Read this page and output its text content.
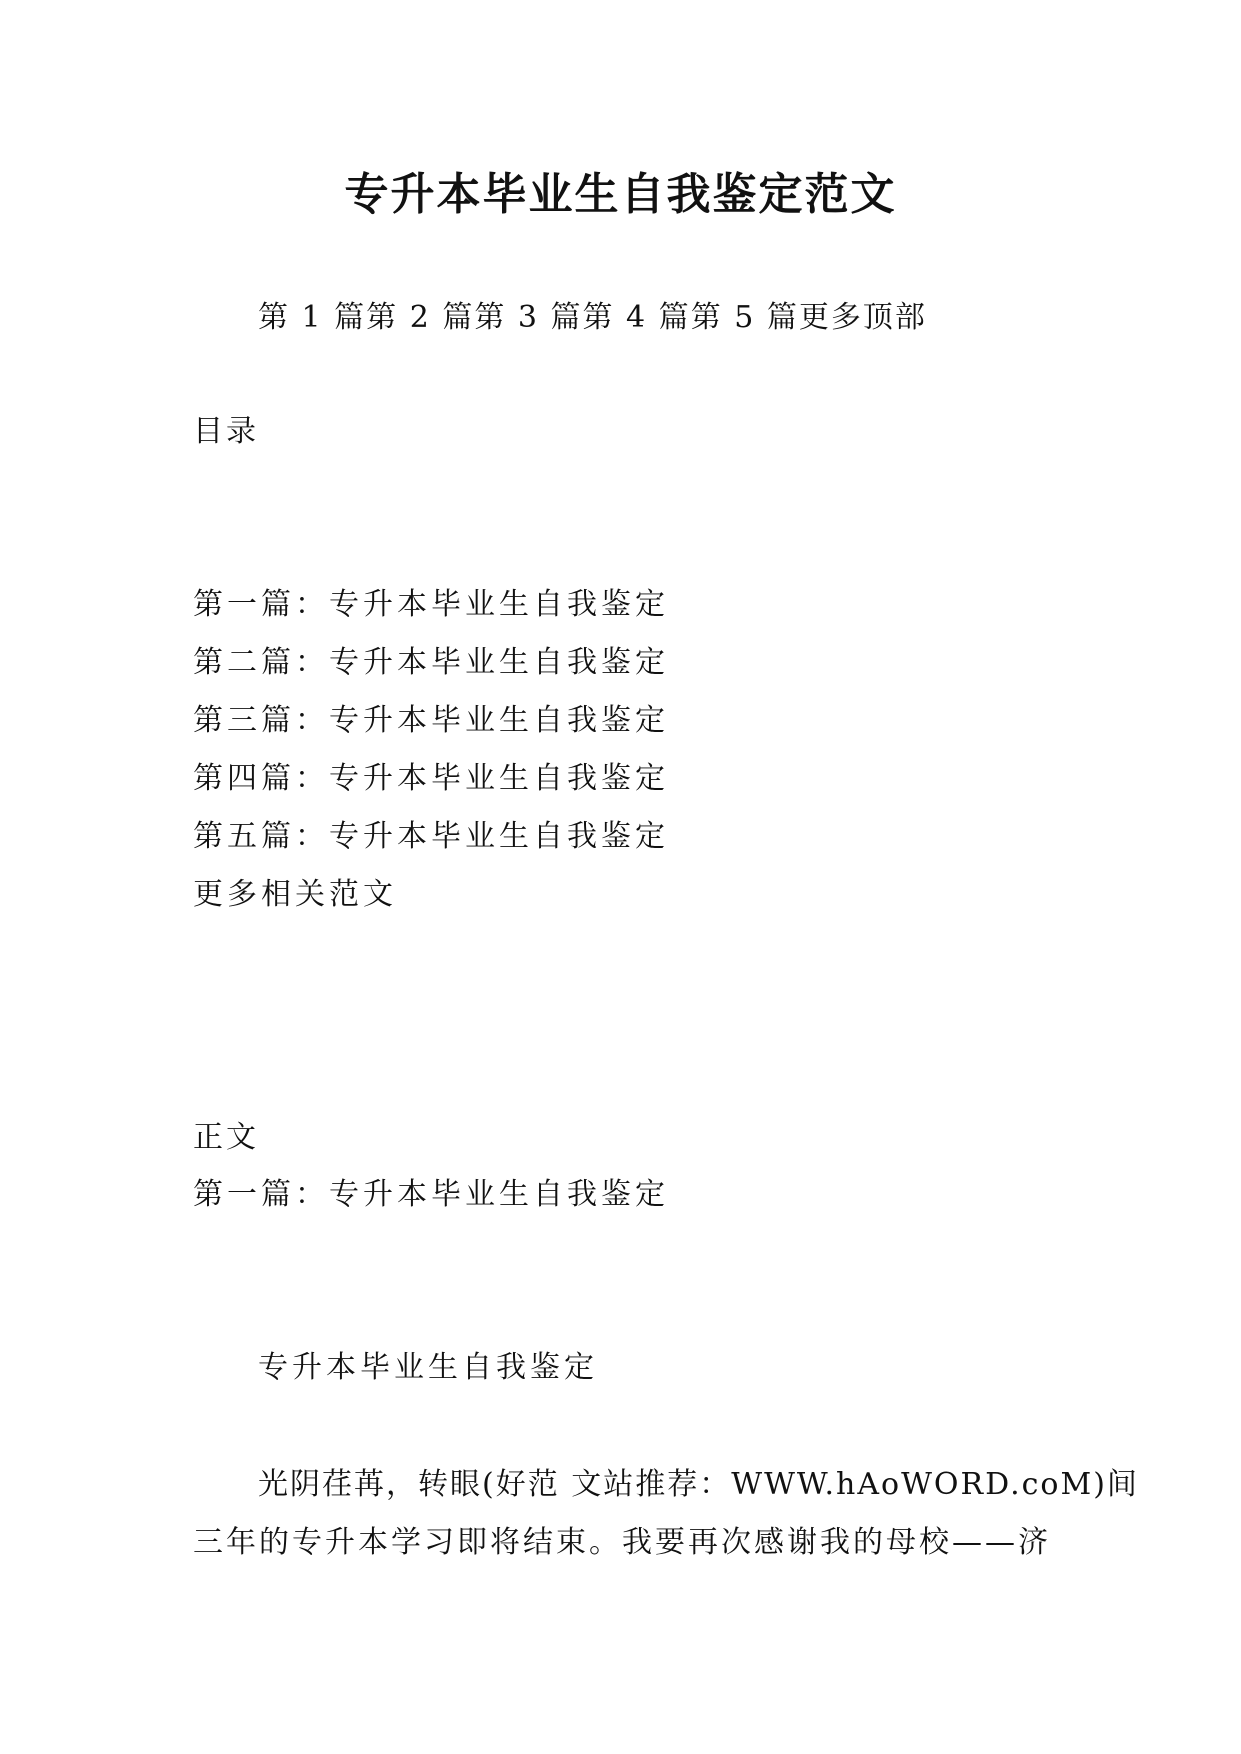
专升本毕业生自我鉴定范文
第 1 篇第 2 篇第 3 篇第 4 篇第 5 篇更多顶部
目录
第一篇：专升本毕业生自我鉴定
第二篇：专升本毕业生自我鉴定
第三篇：专升本毕业生自我鉴定
第四篇：专升本毕业生自我鉴定
第五篇：专升本毕业生自我鉴定
更多相关范文
正文
第一篇：专升本毕业生自我鉴定
专升本毕业生自我鉴定
光阴荏苒，转眼(好范 文站推荐：WWW.hAoWORD.coM)间
三年的专升本学习即将结束。我要再次感谢我的母校——济
